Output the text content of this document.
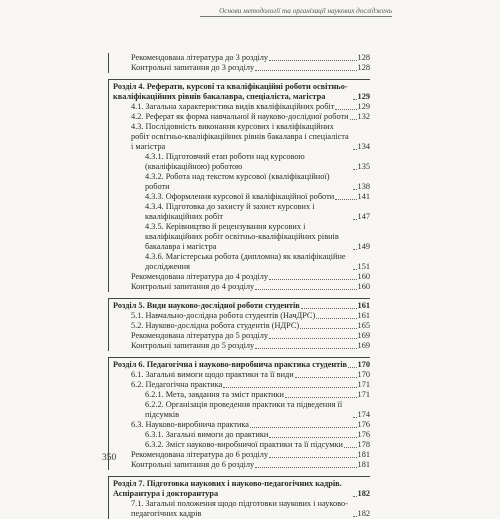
Основи методології та організації наукових досліджень
Рекомендована література до 3 розділу	128
Контрольні запитання до 3 розділу	128
Розділ 4. Реферати, курсові та кваліфікаційні роботи освітньо-кваліфікаційних рівнів бакалавра, спеціаліста, магістра	129
4.1. Загальна характеристика видів кваліфікаційних робіт	129
4.2. Реферат як форма навчальної й науково-дослідної роботи 132
4.3. Послідовність виконання курсових і кваліфікаційних робіт освітньо-кваліфікаційних рівнів бакалавра і спеціаліста і магістра	134
4.3.1. Підготовчий етап роботи над курсовою (кваліфікаційною) роботою	135
4.3.2. Робота над текстом курсової (кваліфікаційної) роботи	138
4.3.3. Оформлення курсової й кваліфікаційної роботи	141
4.3.4. Підготовка до захисту й захист курсових і кваліфікаційних робіт	147
4.3.5. Керівництво й рецензування курсових і кваліфікаційних робіт освітньо-кваліфікаційних рівнів бакалавра і магістра	149
4.3.6. Магістерська робота (дипломна) як кваліфікаційне дослідження	151
Рекомендована література до 4 розділу	160
Контрольні запитання до 4 розділу	160
Розділ 5. Види науково-дослідної роботи студентів	161
5.1. Навчально-дослідна робота студентів (НачДРС)	161
5.2. Науково-дослідна робота студентів (НДРС)	165
Рекомендована література до 5 розділу	169
Контрольні запитання до 5 розділу	169
Розділ 6. Педагогічна і науково-виробнича практика студентів 170
6.1. Загальні вимоги щодо практики та її види	170
6.2. Педагогічна практика	171
6.2.1. Мета, завдання та зміст практики	171
6.2.2. Організація проведення практики та підведення її підсумків	174
6.3. Науково-виробнича практика	176
6.3.1. Загальні вимоги до практики	176
6.3.2. Зміст науково-виробничої практики та її підсумки 178
Рекомендована література до 6 розділу	181
Контрольні запитання до 6 розділу	181
Розділ 7. Підготовка наукових і науково-педагогічних кадрів. Аспірантура і докторантура	182
7.1. Загальні положення щодо підготовки наукових і науково-педагогічних кадрів	182
350
